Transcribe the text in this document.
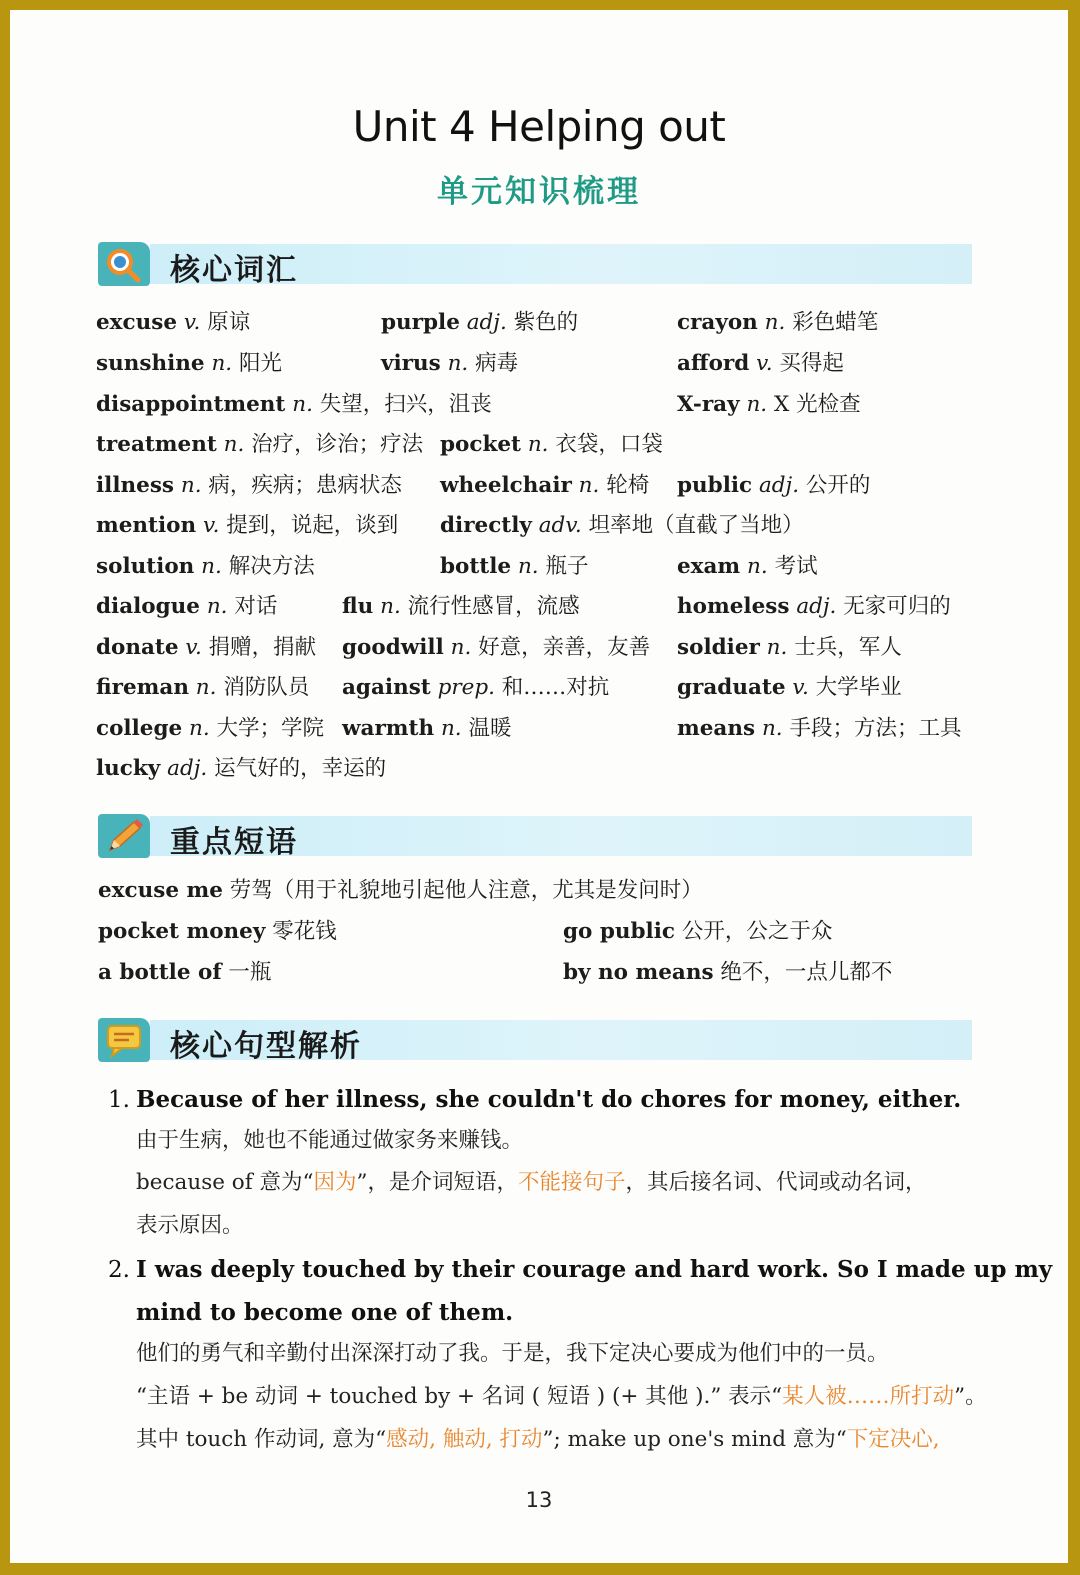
Unit 4 Helping out
单元知识梳理
核心词汇
excuse v. 原谅	purple adj. 紫色的	crayon n. 彩色蜡笔
sunshine n. 阳光	virus n. 病毒	afford v. 买得起
disappointment n. 失望，扫兴，沮丧	X-ray n. X 光检查
treatment n. 治疗，诊治；疗法 pocket n. 衣袋，口袋
illness n. 病，疾病；患病状态 wheelchair n. 轮椅 public adj. 公开的
mention v. 提到，说起，谈到 directly adv. 坦率地（直截了当地）
solution n. 解决方法	bottle n. 瓶子	exam n. 考试
dialogue n. 对话	flu n. 流行性感冒，流感	homeless adj. 无家可归的
donate v. 捐赠，捐献 goodwill n. 好意，亲善，友善 soldier n. 士兵，军人
fireman n. 消防队员 against prep. 和……对抗	graduate v. 大学毕业
college n. 大学；学院 warmth n. 温暖	means n. 手段；方法；工具
lucky adj. 运气好的，幸运的
重点短语
excuse me 劳驾（用于礼貌地引起他人注意，尤其是发问时）
pocket money 零花钱	go public 公开，公之于众
a bottle of 一瓶	by no means 绝不，一点儿都不
核心句型解析
1. Because of her illness, she couldn't do chores for money, either.
由于生病，她也不能通过做家务来赚钱。
because of 意为“因为”，是介词短语，不能接句子，其后接名词、代词或动名词，
表示原因。
2. I was deeply touched by their courage and hard work. So I made up my
mind to become one of them.
他们的勇气和辛勤付出深深打动了我。于是，我下定决心要成为他们中的一员。
“主语 + be 动词 + touched by + 名词 ( 短语 ) (+ 其他 ).” 表示“某人被……所打动”。
其中 touch 作动词, 意为“感动, 触动, 打动”; make up one's mind 意为“下定决心,
13
